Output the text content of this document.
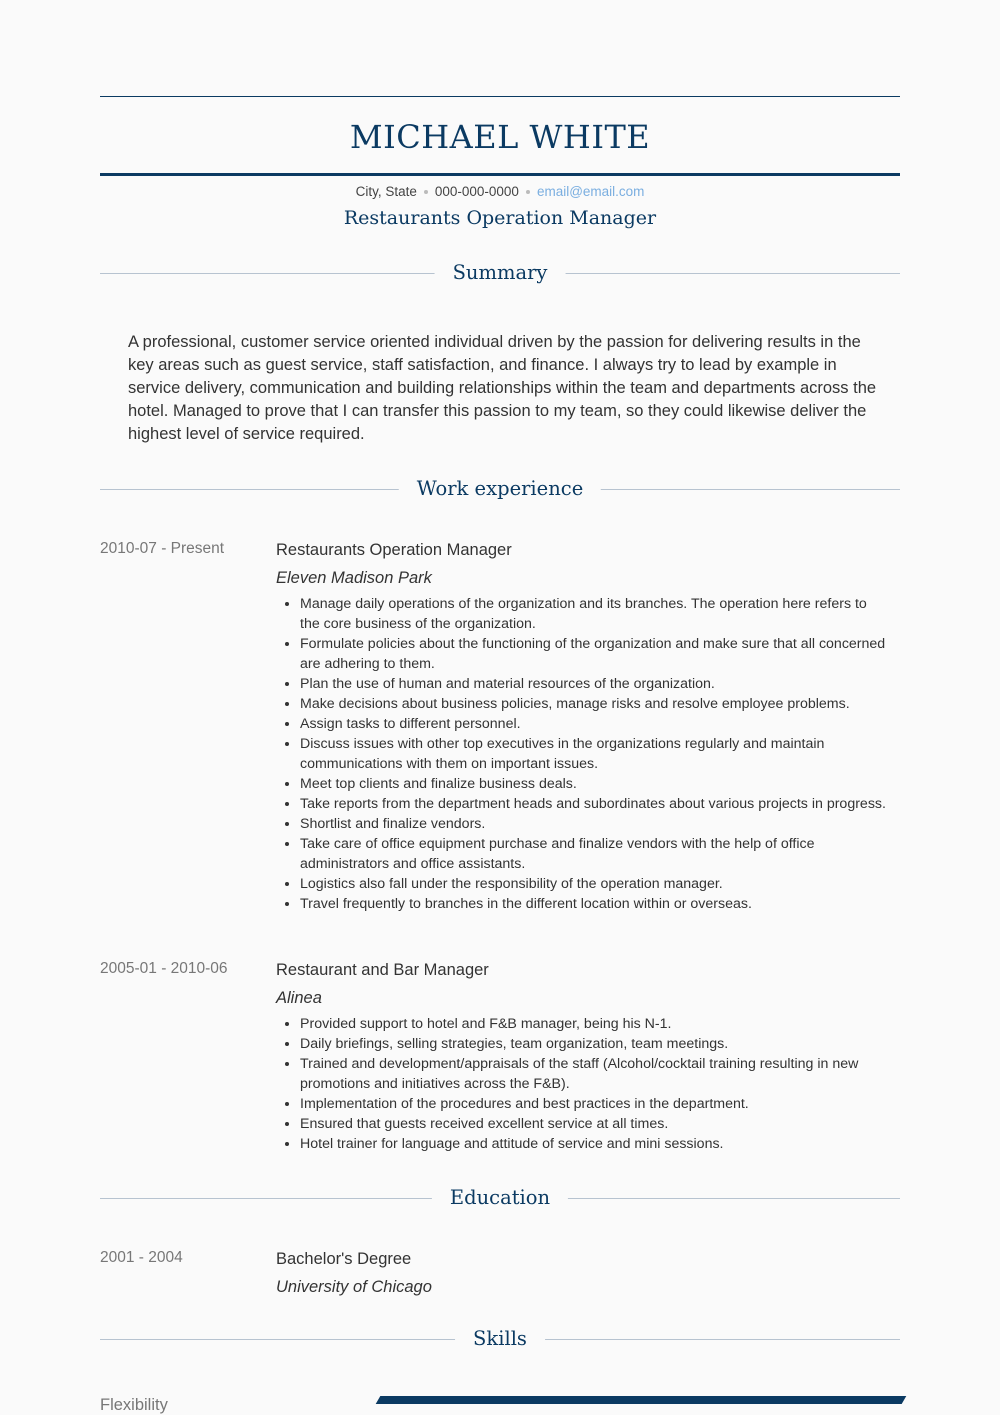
MICHAEL WHITE
City, State 000-000-0000 email@email.com
Restaurants Operation Manager
Summary
A professional, customer service oriented individual driven by the passion for delivering results in the key areas such as guest service, staff satisfaction, and finance. I always try to lead by example in service delivery, communication and building relationships within the team and departments across the hotel. Managed to prove that I can transfer this passion to my team, so they could likewise deliver the highest level of service required.
Work experience
2010-07 - Present	Restaurants Operation Manager
Eleven Madison Park
• Manage daily operations of the organization and its branches. The operation here refers to the core business of the organization.
• Formulate policies about the functioning of the organization and make sure that all concerned are adhering to them.
• Plan the use of human and material resources of the organization.
• Make decisions about business policies, manage risks and resolve employee problems.
• Assign tasks to different personnel.
• Discuss issues with other top executives in the organizations regularly and maintain communications with them on important issues.
• Meet top clients and finalize business deals.
• Take reports from the department heads and subordinates about various projects in progress.
• Shortlist and finalize vendors.
• Take care of office equipment purchase and finalize vendors with the help of office administrators and office assistants.
• Logistics also fall under the responsibility of the operation manager.
• Travel frequently to branches in the different location within or overseas.
2005-01 - 2010-06	Restaurant and Bar Manager
Alinea
• Provided support to hotel and F&B manager, being his N-1.
• Daily briefings, selling strategies, team organization, team meetings.
• Trained and development/appraisals of the staff (Alcohol/cocktail training resulting in new promotions and initiatives across the F&B).
• Implementation of the procedures and best practices in the department.
• Ensured that guests received excellent service at all times.
• Hotel trainer for language and attitude of service and mini sessions.
Education
2001 - 2004	Bachelor's Degree
University of Chicago
Skills
Flexibility
